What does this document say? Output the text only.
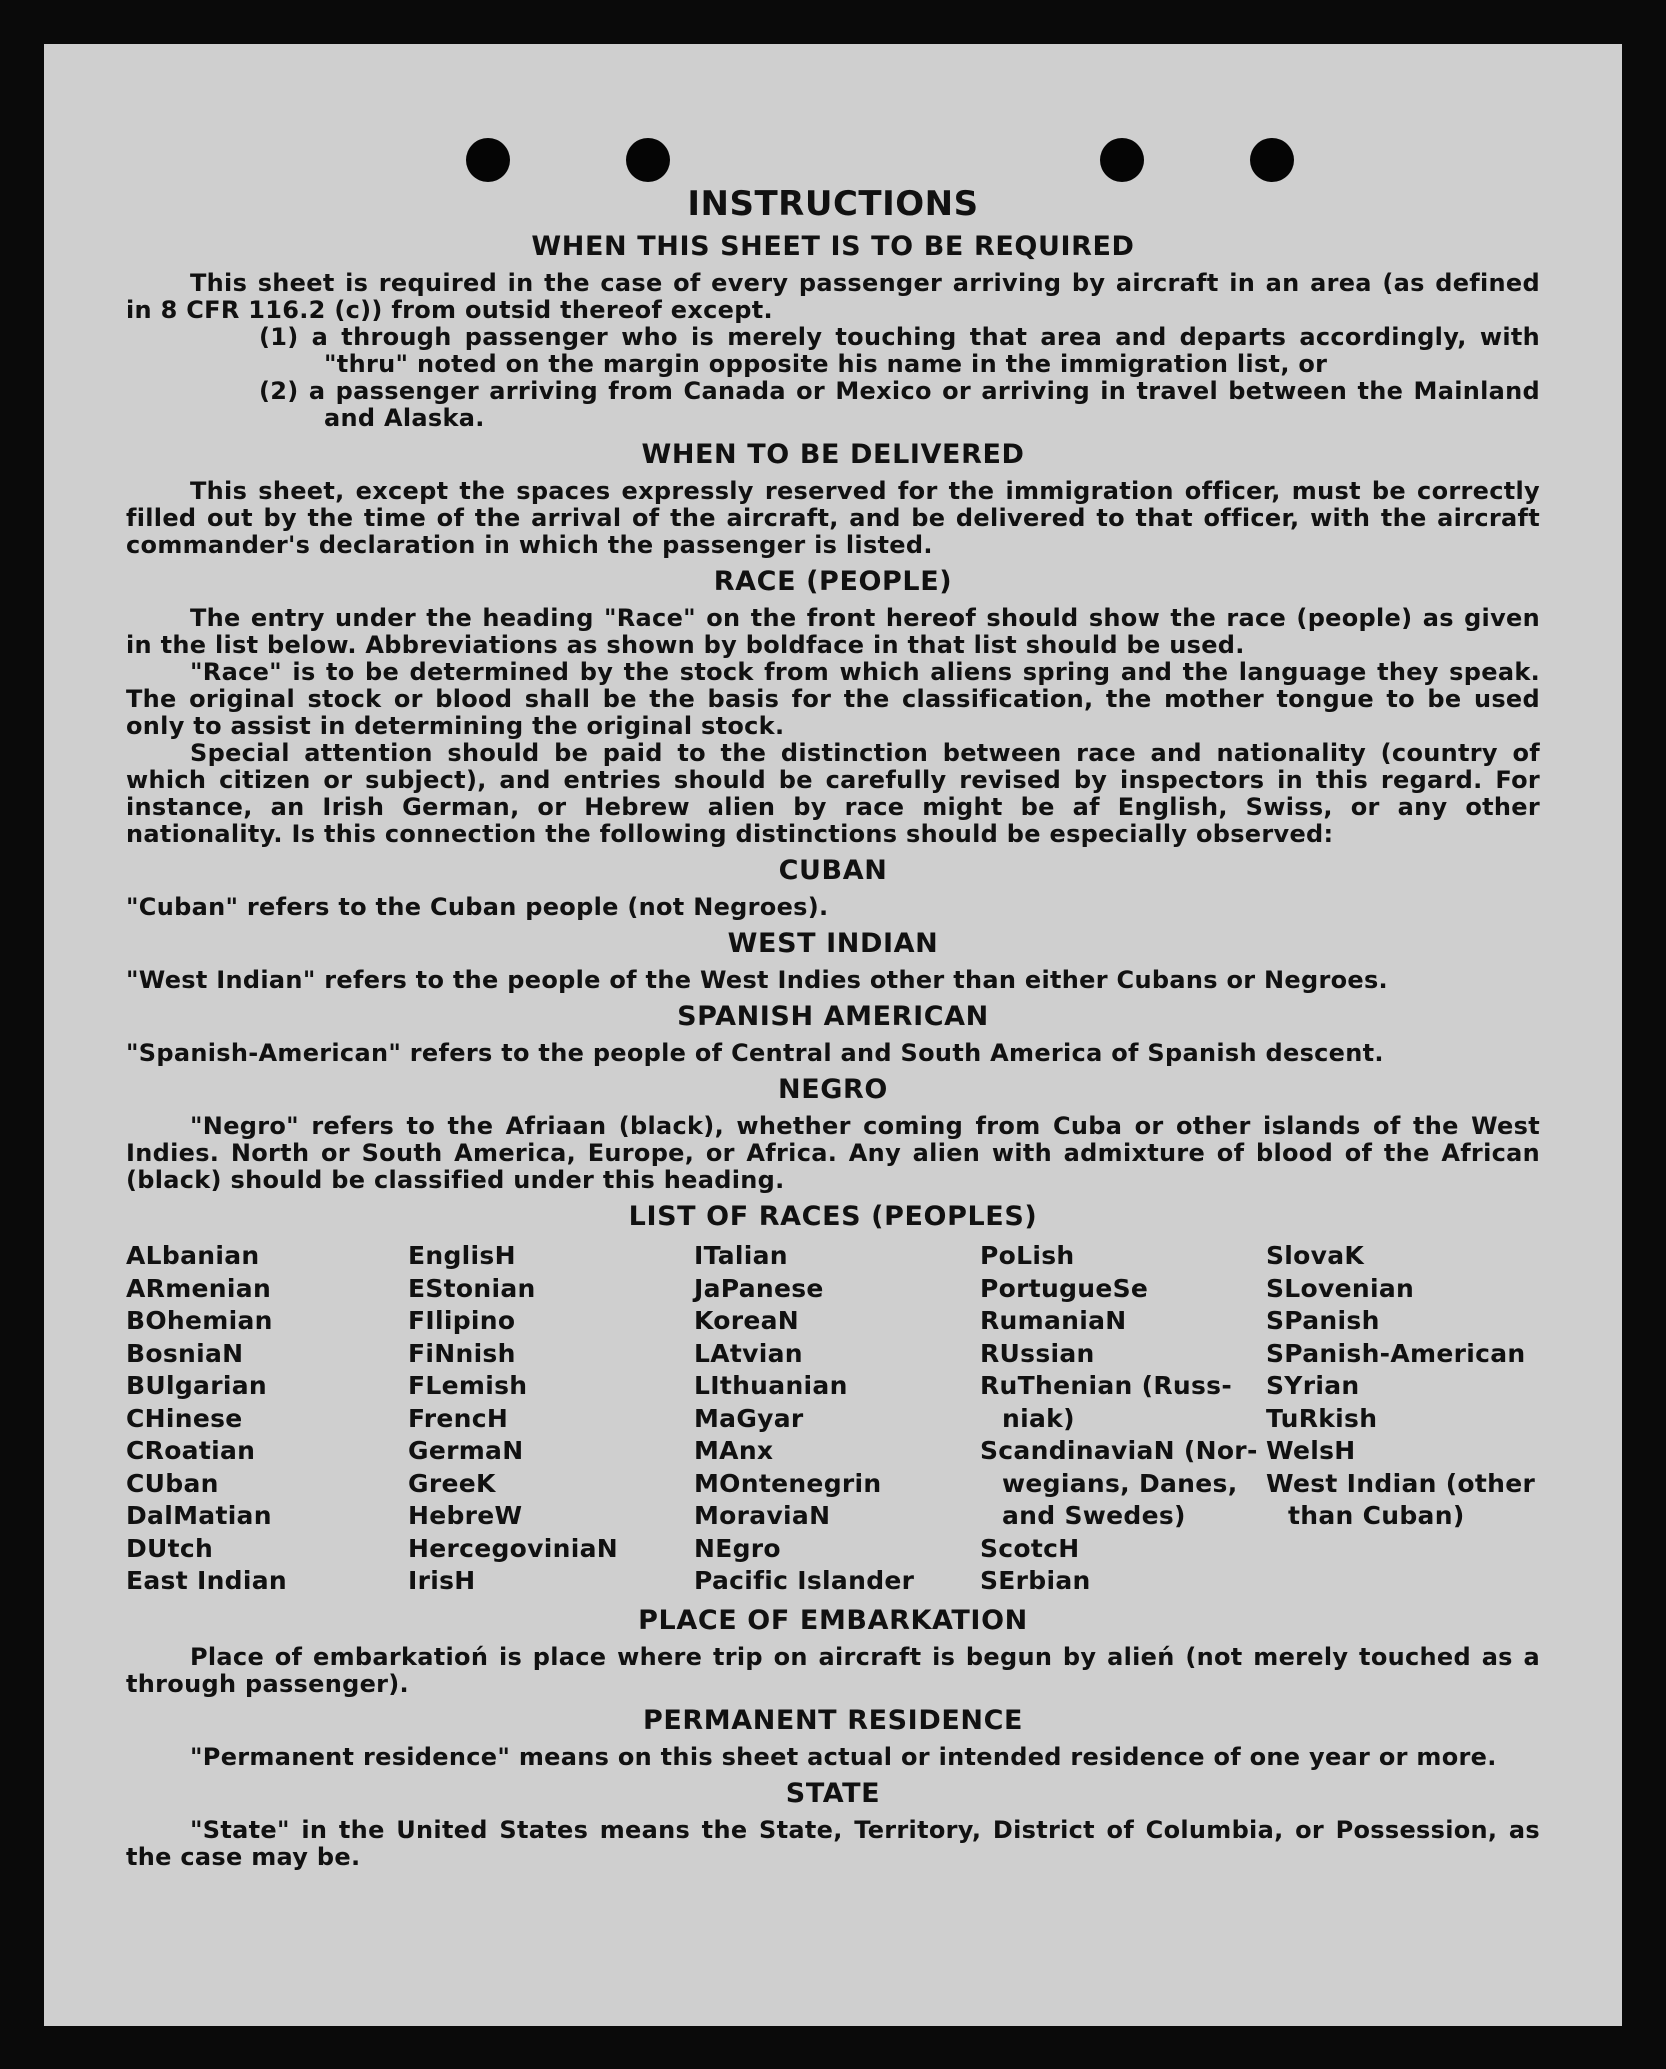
INSTRUCTIONS
WHEN THIS SHEET IS TO BE REQUIRED

This sheet is required in the case of every passenger arriving by aircraft in an area (as defined in 8 CFR 116.2 (c)) from outsid thereof except.

(1) a through passenger who is merely touching that area and departs accordingly, with "thru" noted on the margin opposite his name in the immigration list, or

(2) a passenger arriving from Canada or Mexico or arriving in travel between the Mainland and Alaska.

WHEN TO BE DELIVERED

This sheet, except the spaces expressly reserved for the immigration officer, must be correctly filled out by the time of the arrival of the aircraft, and be delivered to that officer, with the aircraft commander's declaration in which the passenger is listed.

RACE (PEOPLE)

The entry under the heading "Race" on the front hereof should show the race (people) as given in the list below. Abbreviations as shown by boldface in that list should be used.

"Race" is to be determined by the stock from which aliens spring and the language they speak. The original stock or blood shall be the basis for the classification, the mother tongue to be used only to assist in determining the original stock.

Special attention should be paid to the distinction between race and nationality (country of which citizen or subject), and entries should be carefully revised by inspectors in this regard. For instance, an Irish German, or Hebrew alien by race might be af English, Swiss, or any other nationality. Is this connection the following distinctions should be especially observed:

CUBAN

"Cuban" refers to the Cuban people (not Negroes).

WEST INDIAN

"West Indian" refers to the people of the West Indies other than either Cubans or Negroes.

SPANISH AMERICAN

"Spanish-American" refers to the people of Central and South America of Spanish descent.

NEGRO

"Negro" refers to the Afriaan (black), whether coming from Cuba or other islands of the West Indies. North or South America, Europe, or Africa. Any alien with admixture of blood of the African (black) should be classified under this heading.

LIST OF RACES (PEOPLES)
ALbanian
ARmenian
BOhemian
BosniaN
BUlgarian
CHinese
CRoatian
CUban
DalMatian
DUtch
East Indian
EnglisH
EStonian
FIlipino
FiNnish
FLemish
FrencH
GermaN
GreeK
HebreW
HercegoviniaN
IrisH
ITalian
JaPanese
KoreaN
LAtvian
LIthuanian
MaGyar
MAnx
MOntenegrin
MoraviaN
NEgro
Pacific Islander
PoLish
PortugueSe
RumaniaN
RUssian
RuThenian (Russ-
niak)
ScandinaviaN (Nor-
wegians, Danes,
and Swedes)
ScotcH
SErbian
SlovaK
SLovenian
SPanish
SPanish-American
SYrian
TuRkish
WelsH
West Indian (other
than Cuban)
PLACE OF EMBARKATION

Place of embarkatioń is place where trip on aircraft is begun by alień (not merely touched as a through passenger).

PERMANENT RESIDENCE

"Permanent residence" means on this sheet actual or intended residence of one year or more.

STATE

"State" in the United States means the State, Territory, District of Columbia, or Possession, as the case may be.
